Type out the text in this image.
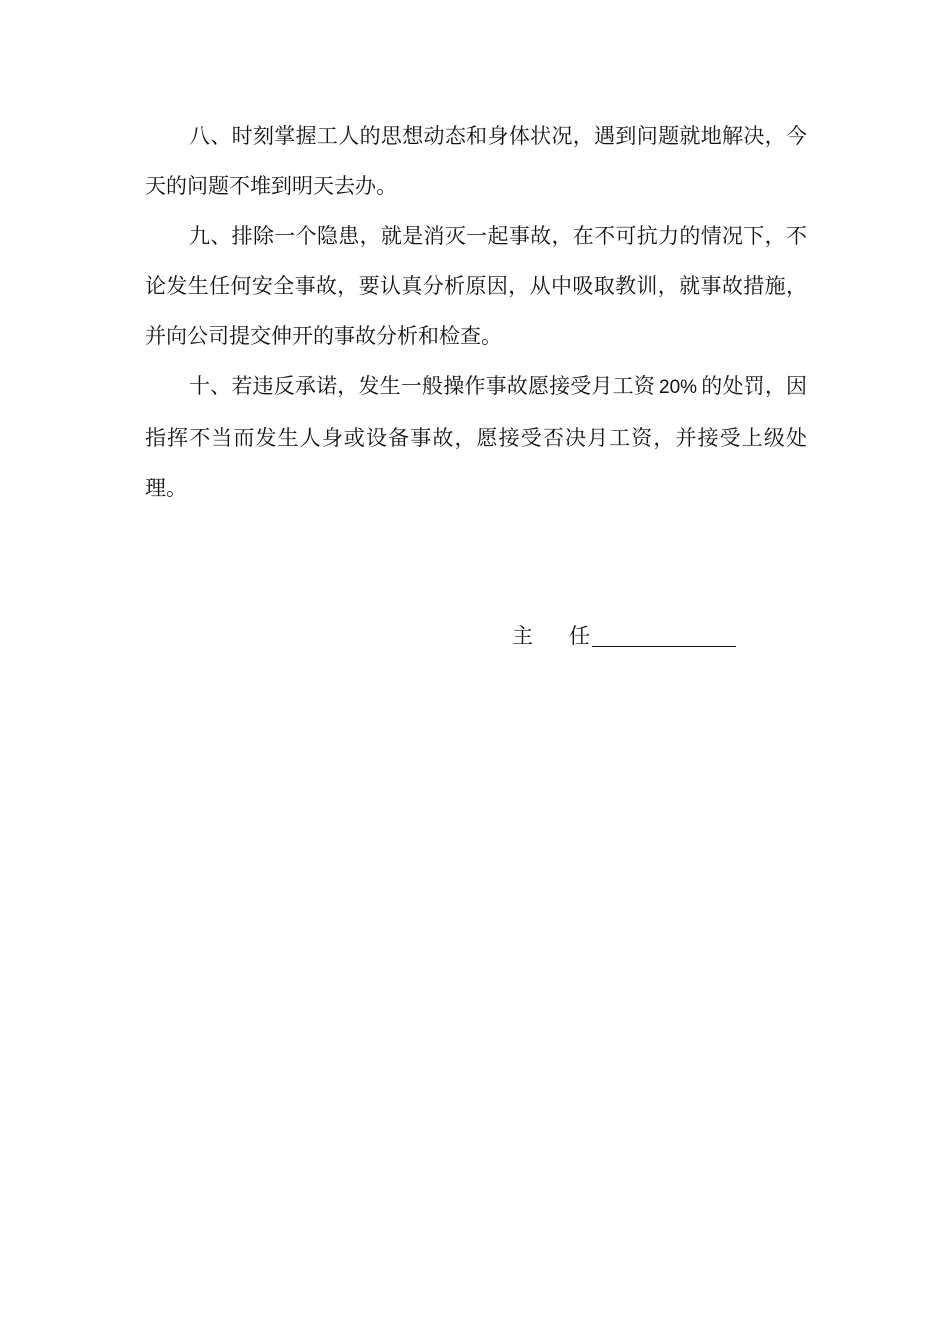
八、时刻掌握工人的思想动态和身体状况，遇到问题就地解决，今天的问题不堆到明天去办。

九、排除一个隐患，就是消灭一起事故，在不可抗力的情况下，不论发生任何安全事故，要认真分析原因，从中吸取教训，就事故措施，并向公司提交伸开的事故分析和检查。

十、若违反承诺，发生一般操作事故愿接受月工资 20% 的处罚，因指挥不当而发生人身或设备事故，愿接受否决月工资，并接受上级处理。

主 任
